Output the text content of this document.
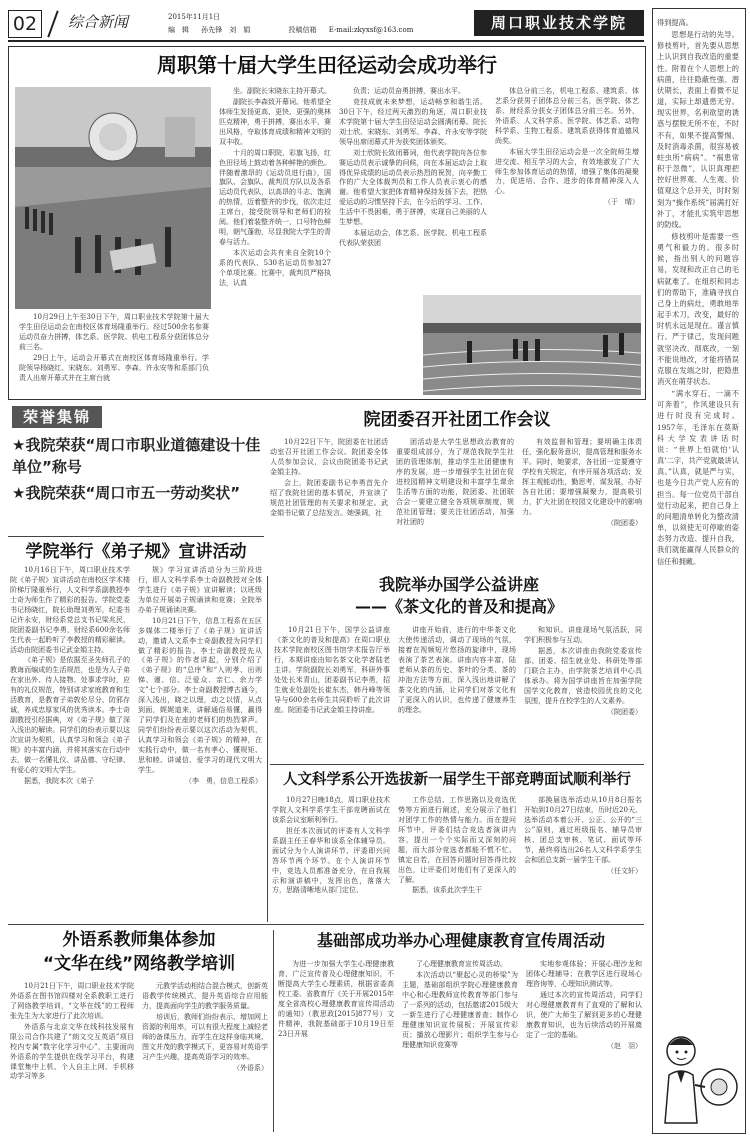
02	综合新闻	2015年11月1日
编　辑 孙先锋　刘　娟	投稿信箱 E-mail:zkyxsf@163.com	周口职业技术学院
周职第十届大学生田径运动会成功举行

10月29日上午至30日下午，周口职业技术学院第十届大学生田径运动会在南校区体育场隆重举行。经过500余名参赛运动员奋力拼搏，体艺系、医学院、机电工程系分获团体总分前三名。

29日上午，运动会开幕式在南校区体育场隆重举行。学院领导杨晓红、宋晓东、刘勇军、李森、许永安等和系部门负责人出席开幕式并在主席台就

坐。副院长宋晓东主持开幕式。

副院长李森致开幕词。他希望全体师生发扬更高、更快、更强的奥林匹克精神，勇于拼搏，赛出水平，赛出风格，夺取体育成绩和精神文明的双丰收。

十月的周口职院，彩旗飞扬，红色田径场上鼓动着各种鲜艳的颜色。伴随着激昂的《运动员进行曲》，国旗队、会旗队、裁判员方队以及各系运动员代表队，以高昂的斗志、饱满的热情，迈着整齐的步伐，依次走过主席台，接受院领导和老师们的检阅。他们着装整齐统一，口号特色鲜明，朝气蓬勃，尽显我院大学生的青春与活力。

本次运动会共有来自全院10个系的代表队、530名运动员参加27个单项比赛。比赛中，裁判员严格执法，认真

负责；运动员奋勇拼搏，赛出水平。

竞技成就未来梦想，运动畅享和谐生活。30日下午，经过两天激烈的角逐，周口职业技术学院第十届大学生田径运动会圆满闭幕。院长刘士欣、宋晓东、刘勇军、李森、许永安等学院领导出席闭幕式并为获奖团体颁奖。

刘士欣院长致闭幕词，他代表学院向各位参赛运动员表示诚挚的问候，向在本届运动会上取得优异成绩的运动员表示热烈的祝贺，向辛勤工作的广大全体裁判员和工作人员表示衷心的感谢。他希望大家把体育精神保持发扬下去，把热爱运动的习惯坚持下去，在今后的学习、工作、生活中不畏困难，勇于拼搏，实现自己美丽的人生梦想。

本届运动会，体艺系、医学院、机电工程系代表队荣获团

体总分前三名，机电工程系、建筑系、体艺系分获男子团体总分前三名，医学院、体艺系、财经系分获女子团体总分前三名。另外，外语系、人文科学系、医学院、体艺系、动物科学系、生物工程系、建筑系获得体育道德风尚奖。

本届大学生田径运动会是一次全院师生增进交流、相互学习的大会，有效地激发了广大师生参加体育运动的热情，增强了集体的凝聚力，促进培、合作、进步的体育精神深入人心。

（于　晴）
荣誉集锦
★我院荣获“周口市职业道德建设十佳单位”称号
★我院荣获“周口市五一劳动奖状”
院团委召开社团工作会议

10月22日下午，院团委在社团活动室召开社团工作会议。院团委全体人员参加会议，会议由院团委书记武金娟主持。

会上，院团委副书记李勇首先介绍了我院社团的基本情况，并宣读了规范社团管理的有关要求和规定。武金娟书记做了总结发言。她强调，社

团活动是大学生思想政治教育的重要组成部分，为了规范我院学生社团的管理体制，推动学生社团健康有序的发展，进一步增强学生社团在促进校园精神文明建设和丰富学生课余生活等方面的功能，院团委、社团联合会一要建立健全各项规章制度，规范社团管理；要关注社团活动，加强对社团的

有效监督和管理；要明确主体责任，强化服务意识，提高管理和服务水平。同时，她要求，各社团一定要遵守学校有关规定，有序开展各项活动；发挥主观能动性，勤思考，谋发展，办好各自社团；要增强凝聚力，提高吸引力，扩大社团在校园文化建设中的影响力。

（院团委）
学院举行《弟子规》宣讲活动

10月16日下午，周口职业技术学院《弟子规》宣讲活动在南校区学术楼阶梯厅隆重举行，人文科学系副教授李士奇为师生作了精彩的报告。学院党委书记杨晓红，院长助理刘勇军，纪委书记许永安，财经系党总支书记梁兆民，院团委副书记李勇，财经系600余名师生代表一起聆听了李教授的精彩解读。活动由院团委书记武金娟主持。

《弟子规》是依据至圣先师孔子的教诲而编成的生活规范，也是为人子弟在家出外、待人接物、处事求学时，应有的礼仪规范，特别讲求家庭教育和生活教育，是教育子弟敦伦尽分、防邪存诚，养成忠厚家风的优秀读本。李士奇副教授引经据典，对《弟子规》做了深入浅出的解读。同学们的纷表示要以这次宣讲为契机，认真学习和领会《弟子规》的丰富内涵，并将其落实在行动中去，做一名懂礼仪、讲品德、守纪律、有爱心的文明大学生。

据悉，我院本次《弟子

规》学习宣讲活动分为三阶段进行，即人文科学系李士奇副教授对全体学生进行《弟子规》宣讲解读；以班级为单位开展弟子规诵读和竞赛；全院举办弟子规诵读决赛。

10月21日下午，信息工程系在五区多媒体二楼举行了《弟子规》宣讲活动，邀请人文系李士奇副教授为同学们做了精彩的报告。李士奇副教授先从《弟子规》的作者讲起，分别介绍了《弟子规》的“总序”和“入则孝、出则悌、谨、信、泛爱众、亲仁、余力学文”七个部分。李士奇副教授博古通今，深入浅出，晓之以理，动之以情，从点到面，娓娓道来，讲解通俗易懂，赢得了同学们及在座的老师们的热烈掌声。同学们纷纷表示要以这次活动为契机，认真学习和领会《弟子规》的精神，在实践行动中，做一名有孝心、懂规矩、思和睦、讲诚信、爱学习的现代文明大学生。

（李　勇，信息工程系）
我院举办国学公益讲座
——《茶文化的普及和提高》

10月21日下午，国学公益讲座《茶文化的普及和提高》在周口职业技术学院南校区图书馆学术报告厅举行，本期讲座由知名茶文化学者陆老主讲。学院副院长刘勇军，科研外事处处长米青山，团委副书记李勇，招生就业处副处长崔东杰，韩丹峰等领导与600余名师生共同聆听了此次讲座。院团委书记武金娟主持讲座。

讲座开始前，进行的中华茶文化大使传递活动，调动了现场的气氛，接着在视频短片悠扬的旋律中，现场表演了茶艺表演。讲座内容丰富，陆老师从茶的历史、茶叶的分类、茶的冲泡方法等方面，深入浅出地讲解了茶文化的内涵，让同学们对茶文化有了更深入的认识，也传递了健康养生的理念。

和知识。讲座现场气氛活跃，同学们积极参与互动。

据悉，本次讲座由我院党委宣传部、团委、招生就业处、科研处等部门联合主办，由学院茶艺培训中心具体承办。将为国学讲座旨在加强学院国学文化教育，营造校园优良的文化氛围，提升在校学生的人文素养。

（院团委）
人文科学系公开选拔新一届学生干部竞聘面试顺利举行

10月27日晚18点，周口职业技术学院人文科学系学生干部竞聘面试在该系会议室顺利举行。

担任本次面试的评委有人文科学系副主任王春华和该系全体辅导员。面试分为个人演讲环节、评委即兴问答环节两个环节。在个人演讲环节中，竞选人员都准备充分，在自我展示和演讲稿中，发挥出色，落落大方，思路清晰地从部门定位、

工作总结、工作思路以及竞选优势等方面进行阐述，充分展示了他们对团学工作的热情与能力。而在提问环节中，评委们结合竞选者演讲内容，提出一个个实际而又深刻的问题，而大部分竞选者都能不慌不忙、镇定自若，在回答问题时回答得比较出色，让评委们对他们有了更深入的了解。

据悉，该系此次学生干

部换届选举活动从10月8日报名开始到10月27日结束，历时近20天，选举活动本着公开、公正、公开的“三公”原则，通过班级报名、辅导员审核、团总支审核、笔试、面试等环节，最终将选出26名人文科学系学生会和团总支新一届学生干部。

（任文轩）
外语系教师集体参加
“文华在线”网络教学培训

10月21日下午，周口职业技术学院外语系在图书馆四楼对全系教职工进行了网络教学培训，“文华在线”的工程师张先生为大家进行了此次培训。

外语系与北京文华在线科技发展有限公司合作共建了“朗文交互英语”项目校内专属“数字化学习中心”，主要面向外语系的学生提供在线学习平台，构建课堂集中上机、个人自主上网、手机移动学习等多

元教学活动相结合混合模式，创新英语教学传统模式，提升英语综合应用能力，提高面向学生的教学服务质量。

培训后，教师们纷纷表示，增加网上资源的利用率，可以有很大程度上减轻老师的备课压力，而学生在这样身临其境、图文并茂的教学模式下，更容易对英语学习产生兴趣，提高英语学习的效率。

（外语系）
基础部成功举办心理健康教育宣传周活动

为进一步加强大学生心理健康教育，广泛宣传普及心理健康知识，不断提高大学生心理素质，根据省委高校工委、省教育厅《关于开展2015年度全省高校心理健康教育宣传周活动的通知》（教思政[2015]877号）文件精神，我院基础部于10月19日至23日开展

了心理健康教育宣传周活动。

本次活动以“聚起心灵的桥梁”为主题，基础部组织学院心理健康教育中心和心理教师宣传教育等部门参与了一系列的活动，包括邀请2015级大一新生进行了心理健康普查；制作心理健康知识宣传展板；开展宣传彩页；播放心理影片；组织学生参与心理健康知识竞赛等

实地参观体验；开展心理沙龙和团体心理辅导；在教学区进行现场心理咨询等，心理知识测试等。

通过本次的宣传周活动，同学们对心理健康教育有了直观的了解和认识，使广大师生了解到更多的心理健康教育知识，也为后续活动的开展奠定了一定的基础。

（赵　羽）

得到提高。

思想是行动的先导。修枝剪叶，首先要从思想上认识到自我改造的重要性。附着在个人思想上的病菌，往往隐蔽性强、潜伏期长，表面上看微不足道，实际上却遗患无穷。现实世界，名利欲望的诱惑与摆脱无所不在，不时不有，如果不提高警惕、及时消毒杀菌，很容易被蛀虫所“病病”。“祸患常积于忽微”，认识真理把控好世界观、人生观、价值观这个总开关，时时刻刻为“操作系统”届满打好补丁，才能扎实筑牢思想的防线。

修枝剪叶是需要一些勇气和毅力的。很多时候，指出别人的问题容易，发现和改正自己的毛病就难了。在组织和同志们的帮助下，准确寻找自己身上的病灶，勇敢地举起手术刀，改变，最好的时机永远是现在。谨言慎行、严于律己，发现问题就坚决改、彻底改，一刻不能说地改，才能将错误克服在发端之时，把隐患消灭在萌芽状态。

“满水穿石，一滴不可奔着”，作风建设只有进行时没有完成时。1957年，毛泽东在莫斯科大学发表讲话时说：“世界上怕就怕‘认真’二字，共产党就最讲认真。”认真，就是严与实，也是今日共产党人应有的担当。每一位党员干部自觉行动起来，把自己身上的问题清单转化为整改清单，以须使无可停歇的姿态努力改造、提升自我，我们就能赢得人民群众的信任和拥戴。
